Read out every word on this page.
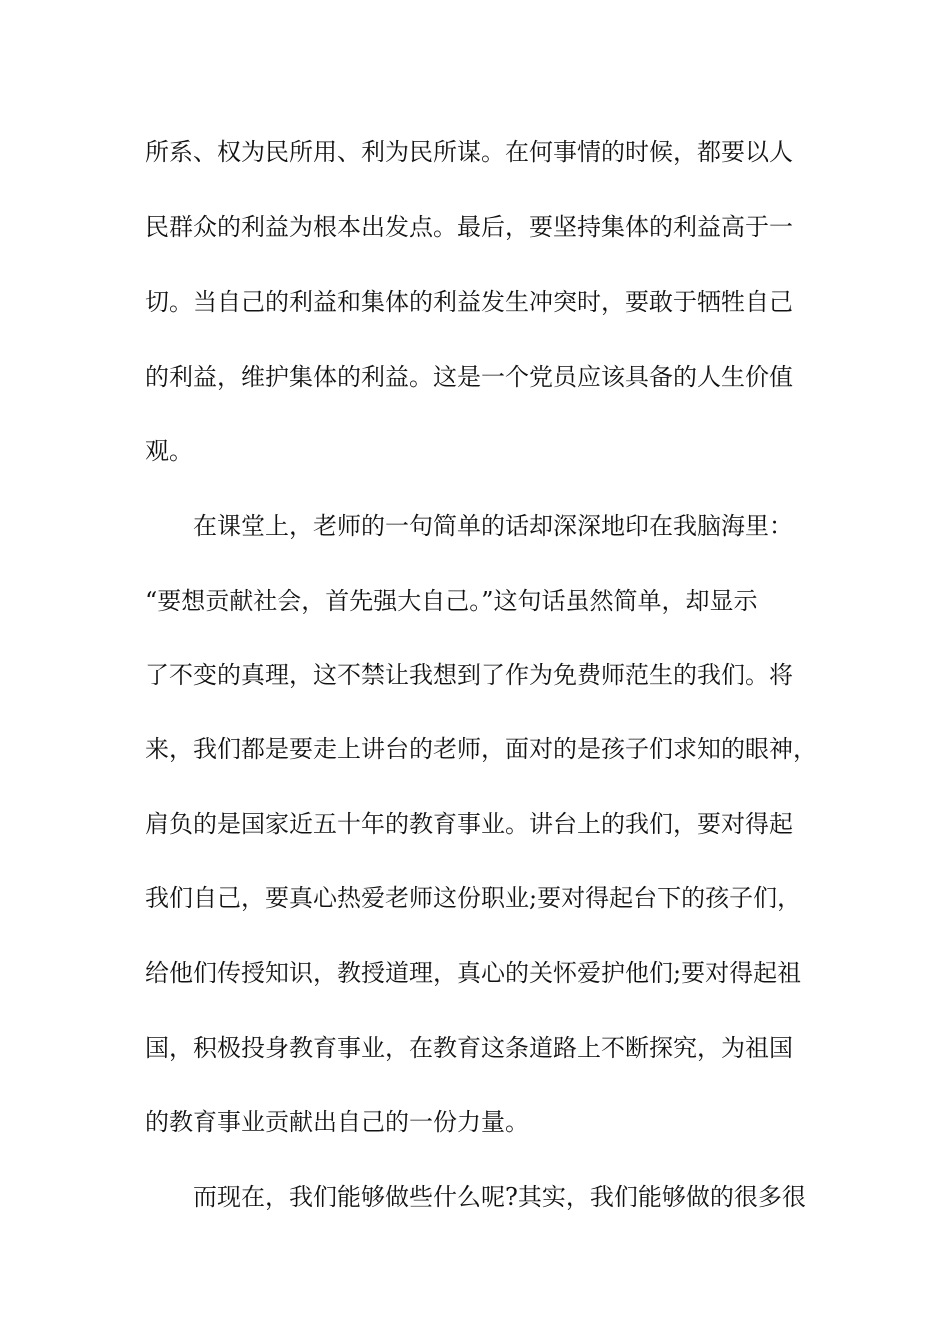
所系、权为民所用、利为民所谋。在何事情的时候，都要以人
民群众的利益为根本出发点。最后，要坚持集体的利益高于一
切。当自己的利益和集体的利益发生冲突时，要敢于牺牲自己
的利益，维护集体的利益。这是一个党员应该具备的人生价值
观。
在课堂上，老师的一句简单的话却深深地印在我脑海里：
“要想贡献社会，首先强大自己。”这句话虽然简单，却显示
了不变的真理，这不禁让我想到了作为免费师范生的我们。将
来，我们都是要走上讲台的老师，面对的是孩子们求知的眼神，
肩负的是国家近五十年的教育事业。讲台上的我们，要对得起
我们自己，要真心热爱老师这份职业;要对得起台下的孩子们，
给他们传授知识，教授道理，真心的关怀爱护他们;要对得起祖
国，积极投身教育事业，在教育这条道路上不断探究，为祖国
的教育事业贡献出自己的一份力量。
而现在，我们能够做些什么呢?其实，我们能够做的很多很
